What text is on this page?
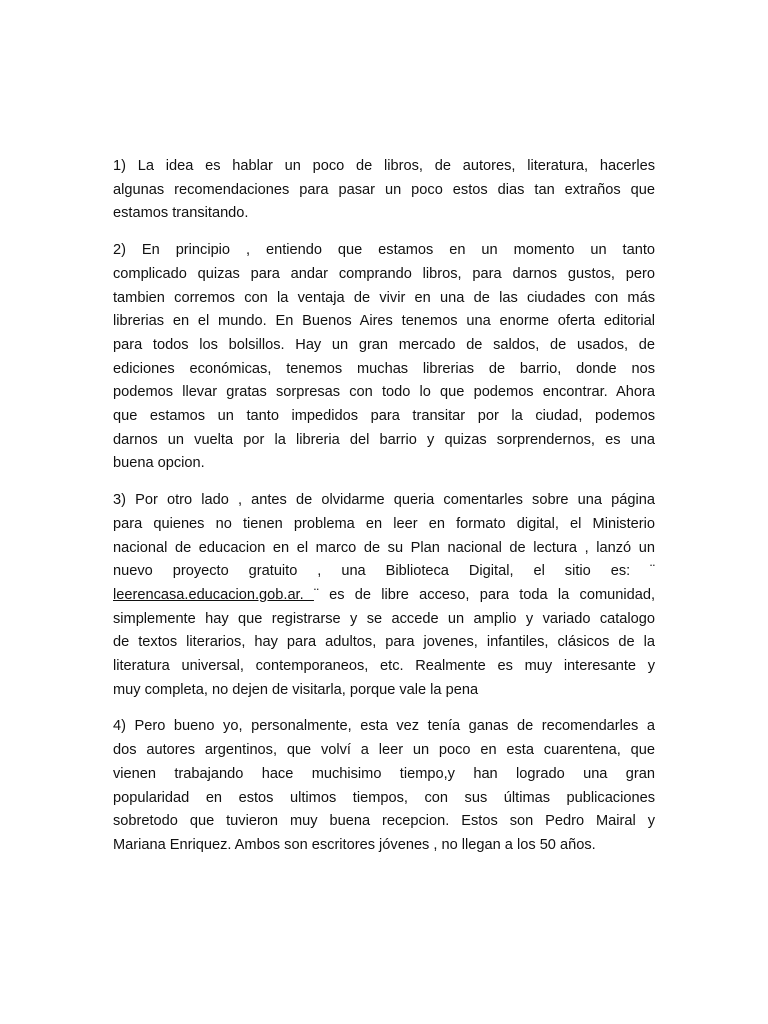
1) La idea es hablar un poco de libros, de autores, literatura, hacerles
algunas recomendaciones para pasar un poco estos dias tan extraños que
estamos transitando.
2) En principio , entiendo que estamos en un momento un tanto
complicado quizas para andar comprando libros, para darnos gustos, pero
tambien corremos con la ventaja de vivir en una de las ciudades con más
librerias en el mundo. En Buenos Aires tenemos una enorme oferta editorial
para todos los bolsillos. Hay un gran mercado de saldos, de usados, de
ediciones económicas, tenemos muchas librerias de barrio, donde nos
podemos llevar gratas sorpresas con todo lo que podemos encontrar. Ahora
que estamos un tanto impedidos para transitar por la ciudad, podemos
darnos un vuelta por la libreria del barrio y quizas sorprendernos, es una
buena opcion.
3) Por otro lado , antes de olvidarme queria comentarles sobre una página
para quienes no tienen problema en leer en formato digital, el Ministerio
nacional de educacion en el marco de su Plan nacional de lectura , lanzó un
nuevo proyecto gratuito , una Biblioteca Digital, el sitio es: ¨
leerencasa.educacion.gob.ar. ¨ es de libre acceso, para toda la comunidad,
simplemente hay que registrarse y se accede un amplio y variado catalogo
de textos literarios, hay para adultos, para jovenes, infantiles, clásicos de la
literatura universal, contemporaneos, etc. Realmente es muy interesante y
muy completa, no dejen de visitarla, porque vale la pena
4) Pero bueno yo, personalmente, esta vez tenía ganas de recomendarles a
dos autores argentinos, que volví a leer un poco en esta cuarentena, que
vienen trabajando hace muchisimo tiempo,y han logrado una gran
popularidad en estos ultimos tiempos, con sus últimas publicaciones
sobretodo que tuvieron muy buena recepcion. Estos son Pedro Mairal y
Mariana Enriquez. Ambos son escritores jóvenes , no llegan a los 50 años.
